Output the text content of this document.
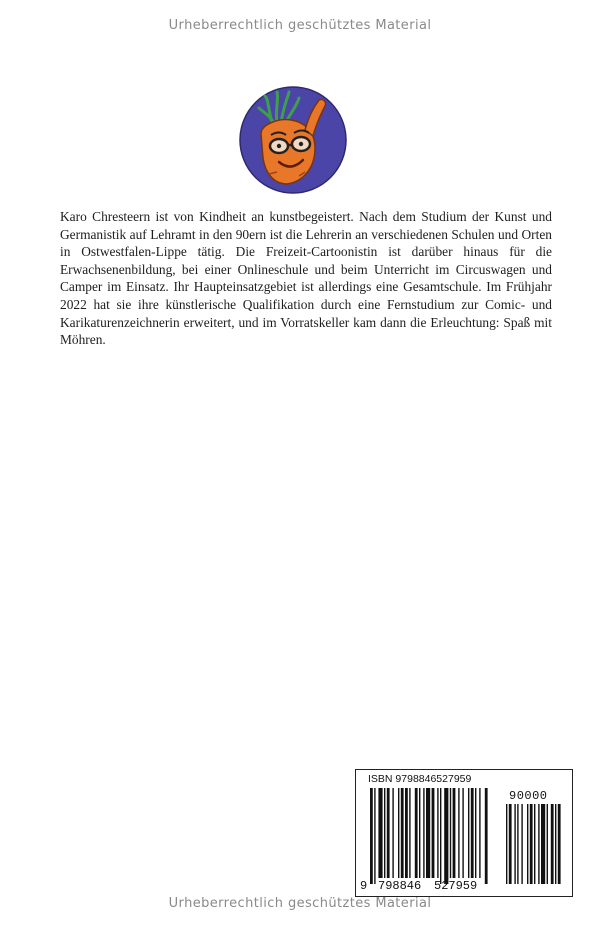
Urheberrechtlich geschütztes Material

Karo Chresteern ist von Kindheit an kunstbegeistert. Nach dem Studium der Kunst und Germanistik auf Lehramt in den 90ern ist die Lehrerin an verschiedenen Schulen und Orten in Ostwestfalen-Lippe tätig. Die Freizeit-Cartoonistin ist darüber hinaus für die Erwachsenenbildung, bei einer Onlineschule und beim Unterricht im Circuswagen und Camper im Einsatz. Ihr Haupteinsatzgebiet ist allerdings eine Gesamtschule. Im Frühjahr 2022 hat sie ihre künstlerische Qualifikation durch eine Fernstudium zur Comic- und Karikaturenzeichnerin erweitert, und im Vorratskeller kam dann die Erleuchtung: Spaß mit Möhren.

ISBN 9798846527959
90000
9 798846 527959
Urheberrechtlich geschütztes Material
